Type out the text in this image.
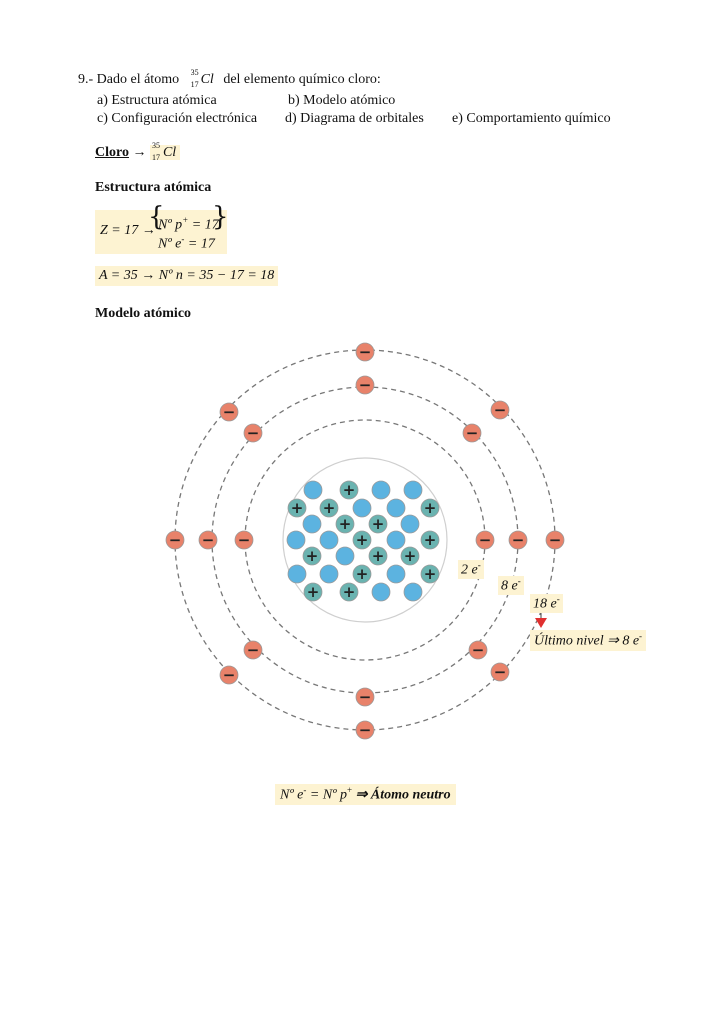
9.- Dado el átomo 35
17 Cl del elemento químico cloro:
a) Estructura atómica	b) Modelo atómico
c) Configuración electrónica d) Diagrama de orbitales e) Comportamiento químico
Cloro → 35
17 Cl
Estructura atómica
Z = 17 →
{ }
Nº p+ = 17
Nº e- = 17
A = 35 → Nº n = 35 − 17 = 18
Modelo atómico
−
−	−
−
−
−
−
−
−
−
−
−
−
−
−
−
−
−
+
+ +	+
+ +
+	+
+	+ +
+	+
+ +
2 e-
8 e-
18 e-
Último nivel ⇒ 8 e-
Nº e- = Nº p+ ⇒ Átomo neutro
